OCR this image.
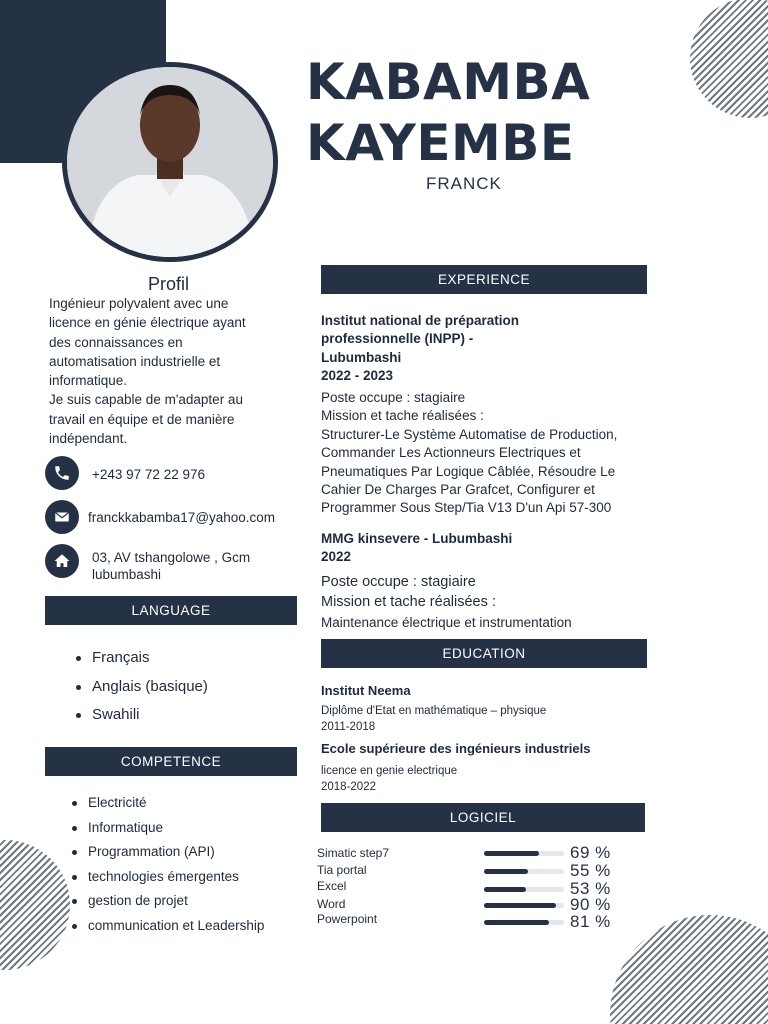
KABAMBA
KAYEMBE
FRANCK
Profil
Ingénieur polyvalent avec une
licence en génie électrique ayant
des connaissances en
automatisation industrielle et
informatique.
Je suis capable de m'adapter au
travail en équipe et de manière
indépendant.
+243 97 72 22 976
franckkabamba17@yahoo.com
03, AV tshangolowe , Gcm
lubumbashi
LANGUAGE
Français
Anglais (basique)
Swahili
COMPETENCE
Electricité
Informatique
Programmation (API)
technologies émergentes
gestion de projet
communication et Leadership
EXPERIENCE
Institut national de préparation
professionnelle (INPP) -
Lubumbashi
2022 - 2023
Poste occupe : stagiaire
Mission et tache réalisées :
Structurer-Le Système Automatise de Production,
Commander Les Actionneurs Electriques et
Pneumatiques Par Logique Câblée, Résoudre Le
Cahier De Charges Par Grafcet, Configurer et
Programmer Sous Step/Tia V13 D'un Api 57-300
MMG kinsevere - Lubumbashi
2022
Poste occupe : stagiaire
Mission et tache réalisées :
Maintenance électrique et instrumentation
EDUCATION
Institut Neema
Diplôme d'Etat en mathématique – physique
2011-2018
Ecole supérieure des ingénieurs industriels
licence en genie electrique
2018-2022
LOGICIEL
Simatic step7
Tia portal
Excel
Word
Powerpoint
69 %
55 %
53 %
90 %
81 %
